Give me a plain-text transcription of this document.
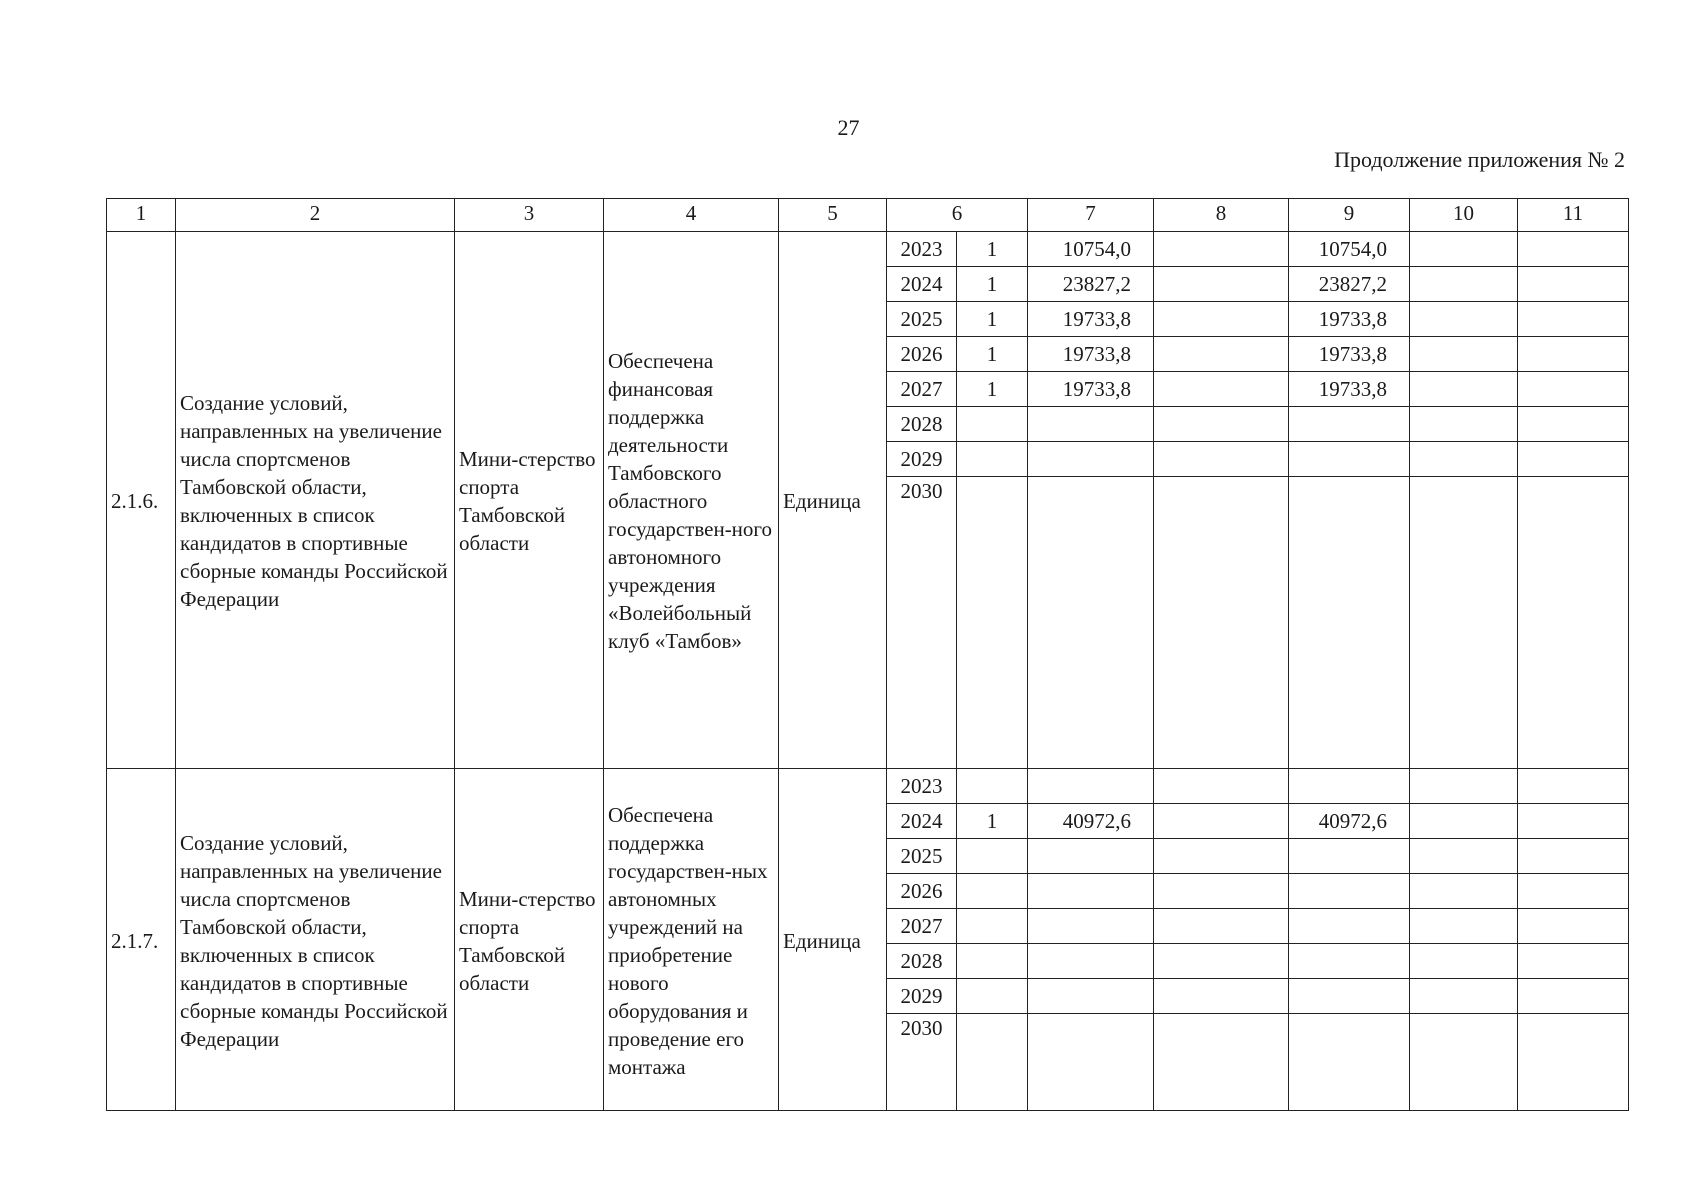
27
Продолжение приложения № 2
1	2	3	4	5	6		7	8	9	10	11
2.1.6.	Создание условий, направленных на увеличение числа спортсменов Тамбовской области, включенных в список кандидатов в спортивные сборные команды Российской Федерации	Мини-стерство спорта Тамбовской области	Обеспечена финансовая поддержка деятельности Тамбовского областного государствен-ного автономного учреждения «Волейбольный клуб «Тамбов»	Единица	2023	1	10754,0		10754,0		
					2024	1	23827,2		23827,2		
					2025	1	19733,8		19733,8		
					2026	1	19733,8		19733,8		
					2027	1	19733,8		19733,8		
					2028						
					2029						
					2030						
2.1.7.	Создание условий, направленных на увеличение числа спортсменов Тамбовской области, включенных в список кандидатов в спортивные сборные команды Российской Федерации	Мини-стерство спорта Тамбовской области	Обеспечена поддержка государствен-ных автономных учреждений на приобретение нового оборудования и проведение его монтажа	Единица	2023						
					2024	1	40972,6		40972,6		
					2025						
					2026						
					2027						
					2028						
					2029						
					2030						
